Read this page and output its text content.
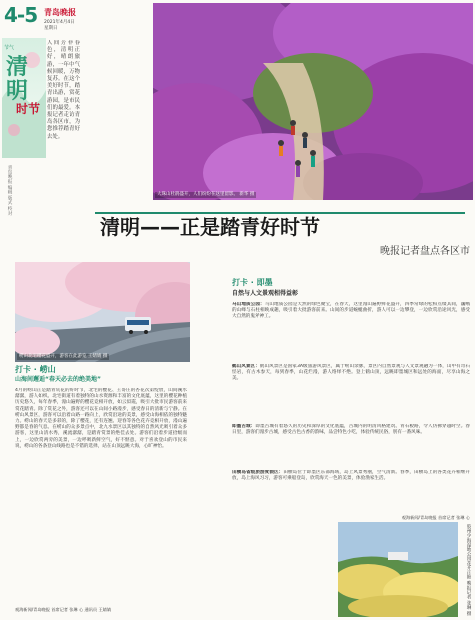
4-5 青岛晚报
2021年4月4日
星期日
清明
时节
节气
人间芳菲春色，清明正好，晴朗旅游，一年中气候回暖，万物复苏。在这个美好时节，踏青出游，赏花游园，是市民们的最爱。本报记者走访青岛各区市，为您推荐踏青好去处。
青岛晚报 编辑 版式 校对	大珠山杜鹃盛开，人们纷纷在这里留影。 新华 摄
清明——正是踏青好时节
晚报记者盘点各区市
崂山北宅樱花盛开，游客在此游览 王婧婧 摄
打卡 · 崂山
山海间邂逅“春天必去的绝美地”
4月的崂山正是踏青赏花的好时节，北宅的樱花、王哥庄的杏花次第绽放，山间溪水潺潺，游人如织。北宅街道有着独特的山水资源和丰富的文化底蕴，这里的樱花种植历史悠久，每年春季，漫山遍野的樱花竞相开放，如云似霞，吸引大批市民游客前来赏花踏青。除了赏花之外，游客还可以在山间小路漫步，感受春日的清新与宁静。在崂山风景区，游客可以沿着山路一路向上，欣赏沿途的美景，感受山海相依的独特魅力。崂山的春天是多彩的，除了樱花，还有连翘、迎春等各色花卉竞相开放，漫山遍野都是春的气息。在崂山的众多景点中，北九水景区以其独特的自然风光吸引着众多游客，这里山清水秀，溪流潺潺，是踏青赏景的绝佳去处。游客们沿着步道拾级而上，一边欣赏两旁的美景，一边呼吸新鲜空气，好不惬意。对于喜欢登山的市民来说，崂山的各条登山线路也是不错的选择，站在山顶远眺大海，心旷神怡。
观海新闻/青岛晚报 首席记者 张琳 心 通讯员 王婧婧
打卡 · 即墨
自然与人文景观相得益彰
马山地质公园：马山地质公园是天然的绿色聚宝，在春天，这里漫山遍野鲜花盛开，四季常绿的松柏点缀其间，巍峨的山峰与石柱相映成趣，吸引着大批游客前来。山间的步道蜿蜒曲折，游人可以一边攀登，一边欣赏沿途风光，感受大自然的鬼斧神工。
鹤山风景区：鹤山风景区是国家3A级旅游风景区，属于崂山余脉，景区内自然景观与人文景观融为一体，山中有奇石怪岩，有古木参天，每到春季，山花烂漫，游人络绎不绝。登上鹤山顶，远眺即墨城区和远处的海面，尽享山海之美。
即墨古城：即墨古城有着悠久的历史和深厚的文化底蕴，古城内的明清风格建筑、青石板路，令人仿佛穿越时空。春日里，游客们漫步古城，感受古色古香的韵味，品尝特色小吃，体验传统民俗，别有一番风味。
田横岛省级旅游度假区：田横岛位于即墨区东部海域，岛上风景秀丽，空气清新。春季，田横岛上的各类花卉相继开放，岛上海风习习，游客可乘船登岛，欣赏海天一色的美景，体验渔家生活。
观海新闻/青岛晚报 首席记者 张琳 心
胶州少海湿地公园花开正艳 晚报记者 张琳 摄
